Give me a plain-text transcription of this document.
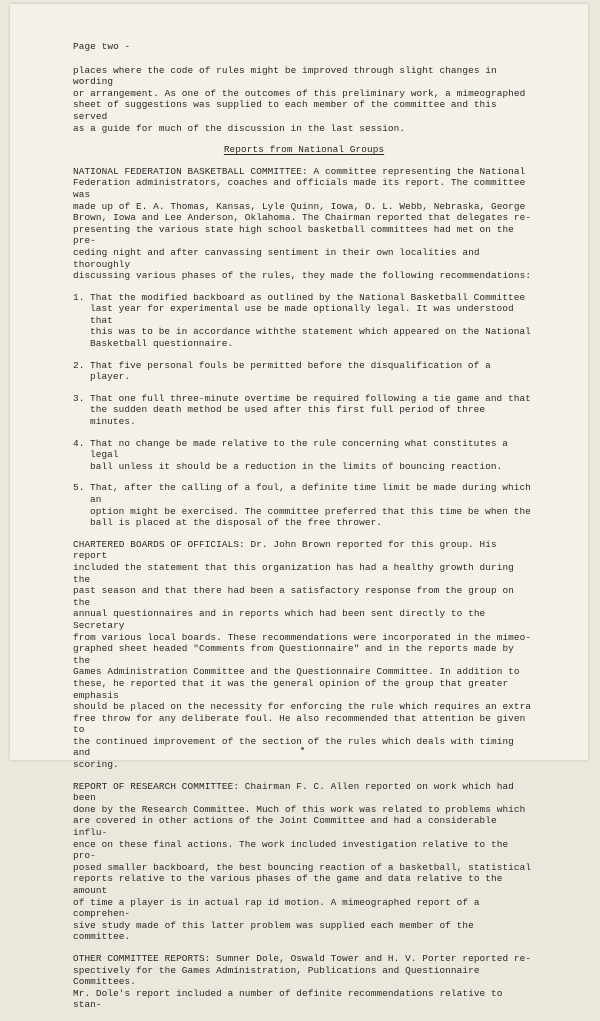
Page two -

places where the code of rules might be improved through slight changes in wording
or arrangement. As one of the outcomes of this preliminary work, a mimeographed
sheet of suggestions was supplied to each member of the committee and this served
as a guide for much of the discussion in the last session.

Reports from National Groups

NATIONAL FEDERATION BASKETBALL COMMITTEE: A committee representing the National
Federation administrators, coaches and officials made its report. The committee was
made up of E. A. Thomas, Kansas, Lyle Quinn, Iowa, O. L. Webb, Nebraska, George
Brown, Iowa and Lee Anderson, Oklahoma. The Chairman reported that delegates re-
presenting the various state high school basketball committees had met on the pre-
ceding night and after canvassing sentiment in their own localities and thoroughly
discussing various phases of the rules, they made the following recommendations:

1. That the modified backboard as outlined by the National Basketball Committee
last year for experimental use be made optionally legal. It was understood that
this was to be in accordance withthe statement which appeared on the National
Basketball questionnaire.
2. That five personal fouls be permitted before the disqualification of a player.
3. That one full three-minute overtime be required following a tie game and that
the sudden death method be used after this first full period of three minutes.
4. That no change be made relative to the rule concerning what constitutes a legal
ball unless it should be a reduction in the limits of bouncing reaction.
5. That, after the calling of a foul, a definite time limit be made during which an
option might be exercised. The committee preferred that this time be when the
ball is placed at the disposal of the free thrower.

CHARTERED BOARDS OF OFFICIALS: Dr. John Brown reported for this group. His report
included the statement that this organization has had a healthy growth during the
past season and that there had been a satisfactory response from the group on the
annual questionnaires and in reports which had been sent directly to the Secretary
from various local boards. These recommendations were incorporated in the mimeo-
graphed sheet headed "Comments from Questionnaire" and in the reports made by the
Games Administration Committee and the Questionnaire Committee. In addition to
these, he reported that it was the general opinion of the group that greater emphasis
should be placed on the necessity for enforcing the rule which requires an extra
free throw for any deliberate foul. He also recommended that attention be given to
the continued improvement of the section of the rules which deals with timing and
scoring.

REPORT OF RESEARCH COMMITTEE: Chairman F. C. Allen reported on work which had been
done by the Research Committee. Much of this work was related to problems which
are covered in other actions of the Joint Committee and had a considerable influ-
ence on these final actions. The work included investigation relative to the pro-
posed smaller backboard, the best bouncing reaction of a basketball, statistical
reports relative to the various phases of the game and data relative to the amount
of time a player is in actual rap id motion. A mimeographed report of a comprehen-
sive study made of this latter problem was supplied each member of the committee.

OTHER COMMITTEE REPORTS: Sumner Dole, Oswald Tower and H. V. Porter reported re-
spectively for the Games Administration, Publications and Questionnaire Committees.
Mr. Dole's report included a number of definite recommendations relative to stan-
